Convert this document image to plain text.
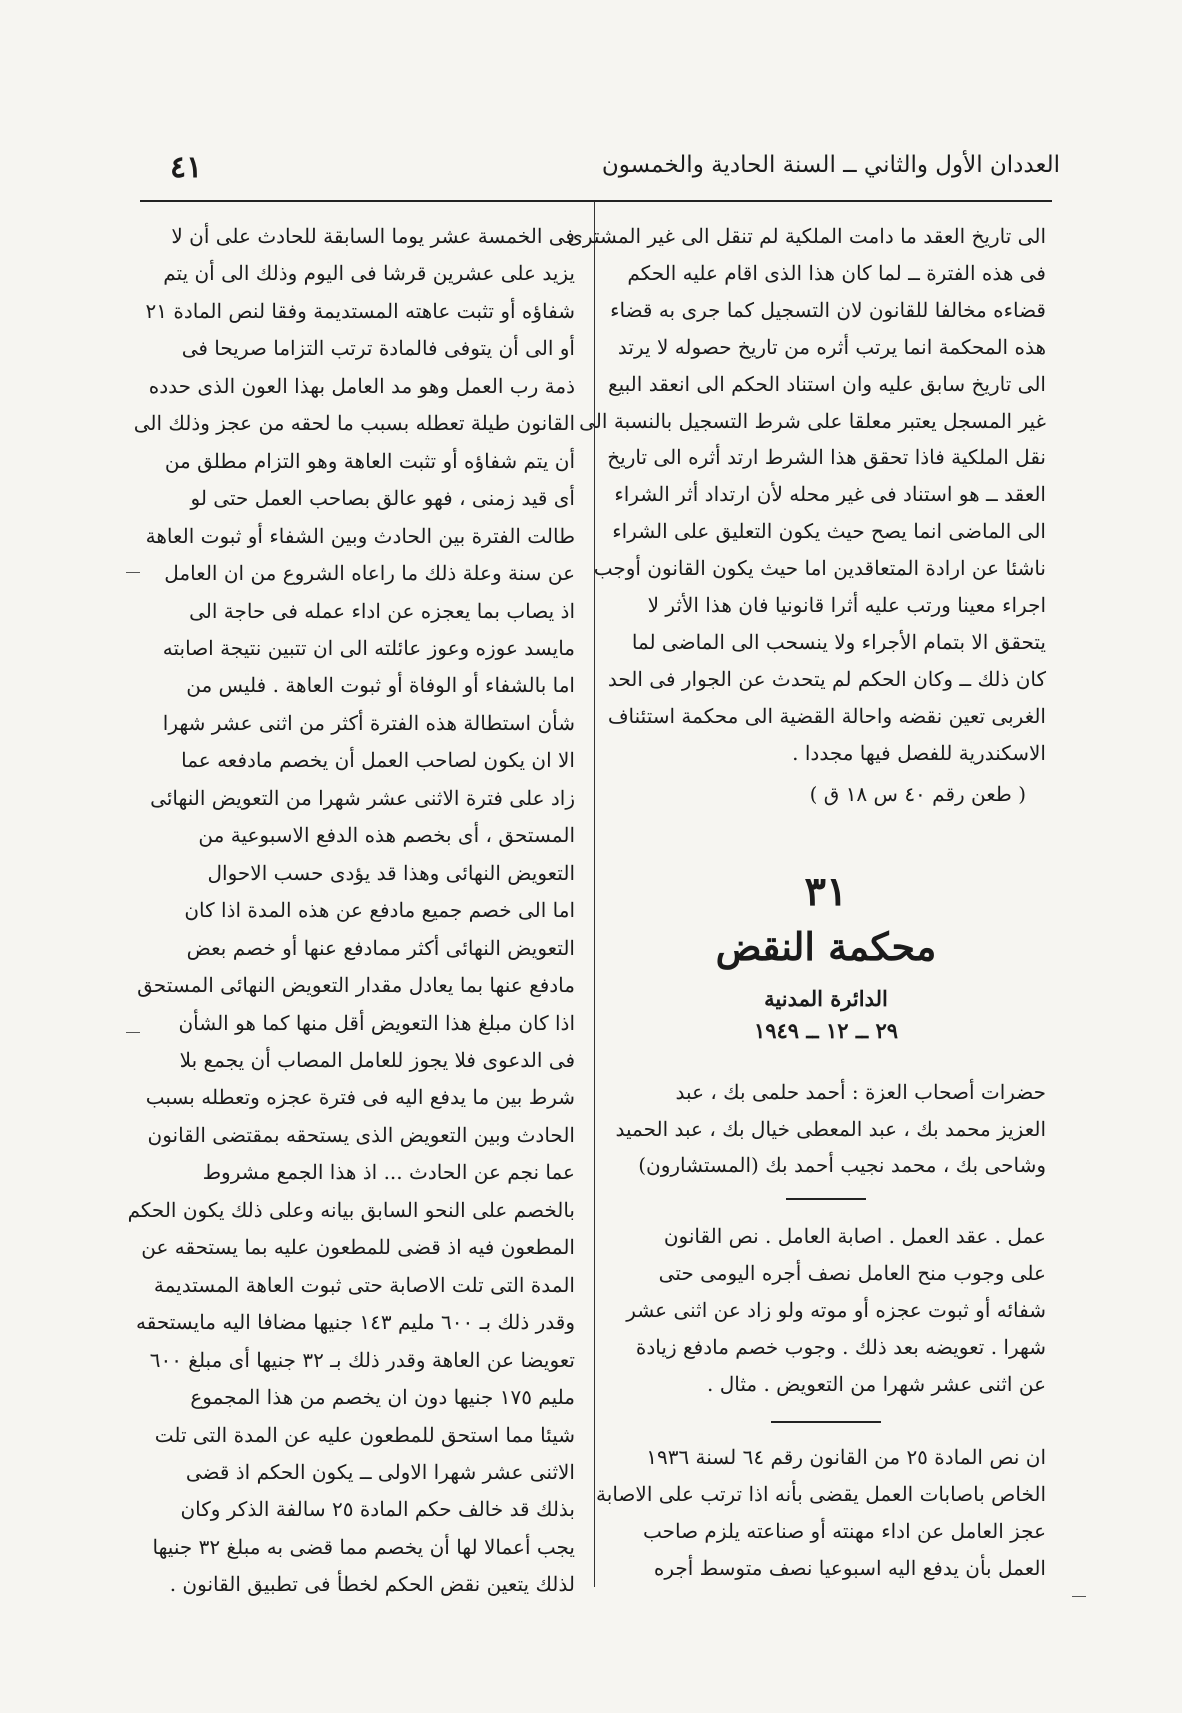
العددان الأول والثاني ــ السنة الحادية والخمسون
٤١
الى تاريخ العقد ما دامت الملكية لم تنقل الى غير المشترى
فى هذه الفترة ــ لما كان هذا الذى اقام عليه الحكم
قضاءه مخالفا للقانون لان التسجيل كما جرى به قضاء
هذه المحكمة انما يرتب أثره من تاريخ حصوله لا يرتد
الى تاريخ سابق عليه وان استناد الحكم الى انعقد البيع
غير المسجل يعتبر معلقا على شرط التسجيل بالنسبة الى
نقل الملكية فاذا تحقق هذا الشرط ارتد أثره الى تاريخ
العقد ــ هو استناد فى غير محله لأن ارتداد أثر الشراء
الى الماضى انما يصح حيث يكون التعليق على الشراء
ناشئا عن ارادة المتعاقدين اما حيث يكون القانون أوجب
اجراء معينا ورتب عليه أثرا قانونيا فان هذا الأثر لا
يتحقق الا بتمام الأجراء ولا ينسحب الى الماضى لما
كان ذلك ــ وكان الحكم لم يتحدث عن الجوار فى الحد
الغربى تعين نقضه واحالة القضية الى محكمة استئناف
الاسكندرية للفصل فيها مجددا .
( طعن رقم ٤٠ س ١٨ ق )
٣١
محكمة النقض
الدائرة المدنية
٢٩ ــ ١٢ ــ ١٩٤٩
حضرات أصحاب العزة : أحمد حلمى بك ، عبد
العزيز محمد بك ، عبد المعطى خيال بك ، عبد الحميد
وشاحى بك ، محمد نجيب أحمد بك (المستشارون)
عمل . عقد العمل . اصابة العامل . نص القانون
على وجوب منح العامل نصف أجره اليومى حتى
شفائه أو ثبوت عجزه أو موته ولو زاد عن اثنى عشر
شهرا . تعويضه بعد ذلك . وجوب خصم مادفع زيادة
عن اثنى عشر شهرا من التعويض . مثال .
ان نص المادة ٢٥ من القانون رقم ٦٤ لسنة ١٩٣٦
الخاص باصابات العمل يقضى بأنه اذا ترتب على الاصابة
عجز العامل عن اداء مهنته أو صناعته يلزم صاحب
العمل بأن يدفع اليه اسبوعيا نصف متوسط أجره
فى الخمسة عشر يوما السابقة للحادث على أن لا
يزيد على عشرين قرشا فى اليوم وذلك الى أن يتم
شفاؤه أو تثبت عاهته المستديمة وفقا لنص المادة ٢١
أو الى أن يتوفى فالمادة ترتب التزاما صريحا فى
ذمة رب العمل وهو مد العامل بهذا العون الذى حدده
القانون طيلة تعطله بسبب ما لحقه من عجز وذلك الى
أن يتم شفاؤه أو تثبت العاهة وهو التزام مطلق من
أى قيد زمنى ، فهو عالق بصاحب العمل حتى لو
طالت الفترة بين الحادث وبين الشفاء أو ثبوت العاهة
عن سنة وعلة ذلك ما راعاه الشروع من ان العامل
اذ يصاب بما يعجزه عن اداء عمله فى حاجة الى
مايسد عوزه وعوز عائلته الى ان تتبين نتيجة اصابته
اما بالشفاء أو الوفاة أو ثبوت العاهة . فليس من
شأن استطالة هذه الفترة أكثر من اثنى عشر شهرا
الا ان يكون لصاحب العمل أن يخصم مادفعه عما
زاد على فترة الاثنى عشر شهرا من التعويض النهائى
المستحق ، أى بخصم هذه الدفع الاسبوعية من
التعويض النهائى وهذا قد يؤدى حسب الاحوال
اما الى خصم جميع مادفع عن هذه المدة اذا كان
التعويض النهائى أكثر ممادفع عنها أو خصم بعض
مادفع عنها بما يعادل مقدار التعويض النهائى المستحق
اذا كان مبلغ هذا التعويض أقل منها كما هو الشأن
فى الدعوى فلا يجوز للعامل المصاب أن يجمع بلا
شرط بين ما يدفع اليه فى فترة عجزه وتعطله بسبب
الحادث وبين التعويض الذى يستحقه بمقتضى القانون
عما نجم عن الحادث ... اذ هذا الجمع مشروط
بالخصم على النحو السابق بيانه وعلى ذلك يكون الحكم
المطعون فيه اذ قضى للمطعون عليه بما يستحقه عن
المدة التى تلت الاصابة حتى ثبوت العاهة المستديمة
وقدر ذلك بـ ٦٠٠ مليم ١٤٣ جنيها مضافا اليه مايستحقه
تعويضا عن العاهة وقدر ذلك بـ ٣٢ جنيها أى مبلغ ٦٠٠
مليم ١٧٥ جنيها دون ان يخصم من هذا المجموع
شيئا مما استحق للمطعون عليه عن المدة التى تلت
الاثنى عشر شهرا الاولى ــ يكون الحكم اذ قضى
بذلك قد خالف حكم المادة ٢٥ سالفة الذكر وكان
يجب أعمالا لها أن يخصم مما قضى به مبلغ ٣٢ جنيها
لذلك يتعين نقض الحكم لخطأ فى تطبيق القانون .
